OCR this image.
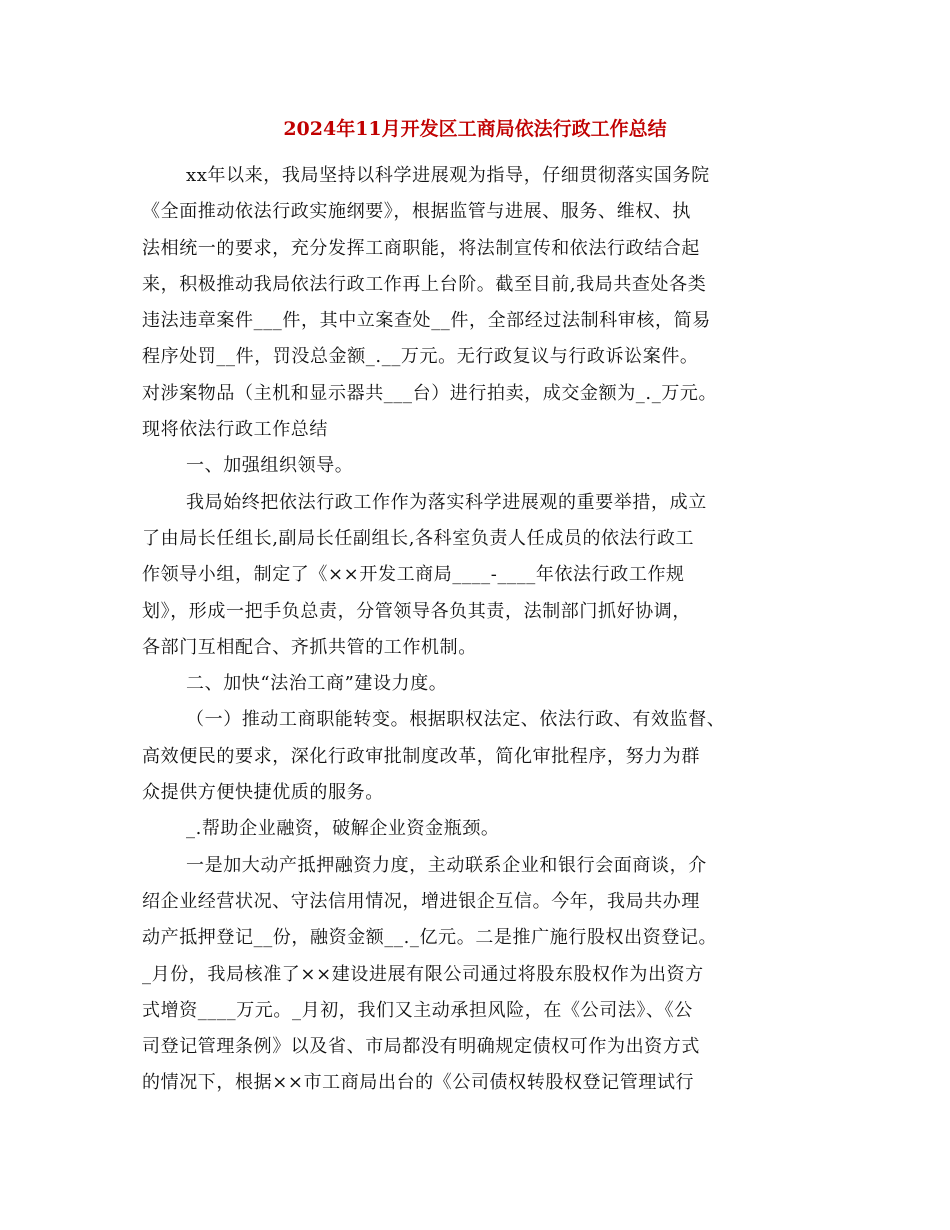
2024年11月开发区工商局依法行政工作总结
xx年以来，我局坚持以科学进展观为指导，仔细贯彻落实国务院
《全面推动依法行政实施纲要》，根据监管与进展、服务、维权、执
法相统一的要求，充分发挥工商职能，将法制宣传和依法行政结合起
来，积极推动我局依法行政工作再上台阶。截至目前,我局共查处各类
违法违章案件___件，其中立案查处__件，全部经过法制科审核，简易
程序处罚__件，罚没总金额_.__万元。无行政复议与行政诉讼案件。
对涉案物品（主机和显示器共___台）进行拍卖，成交金额为_._万元。
现将依法行政工作总结
一、加强组织领导。
我局始终把依法行政工作作为落实科学进展观的重要举措，成立
了由局长任组长,副局长任副组长,各科室负责人任成员的依法行政工
作领导小组，制定了《××开发工商局____-____年依法行政工作规
划》，形成一把手负总责，分管领导各负其责，法制部门抓好协调，
各部门互相配合、齐抓共管的工作机制。
二、加快“法治工商”建设力度。
（一）推动工商职能转变。根据职权法定、依法行政、有效监督、
高效便民的要求，深化行政审批制度改革，简化审批程序，努力为群
众提供方便快捷优质的服务。
_.帮助企业融资，破解企业资金瓶颈。
一是加大动产抵押融资力度，主动联系企业和银行会面商谈，介
绍企业经营状况、守法信用情况，增进银企互信。今年，我局共办理
动产抵押登记__份，融资金额__._亿元。二是推广施行股权出资登记。
_月份，我局核准了××建设进展有限公司通过将股东股权作为出资方
式增资____万元。_月初，我们又主动承担风险，在《公司法》、《公
司登记管理条例》以及省、市局都没有明确规定债权可作为出资方式
的情况下，根据××市工商局出台的《公司债权转股权登记管理试行
